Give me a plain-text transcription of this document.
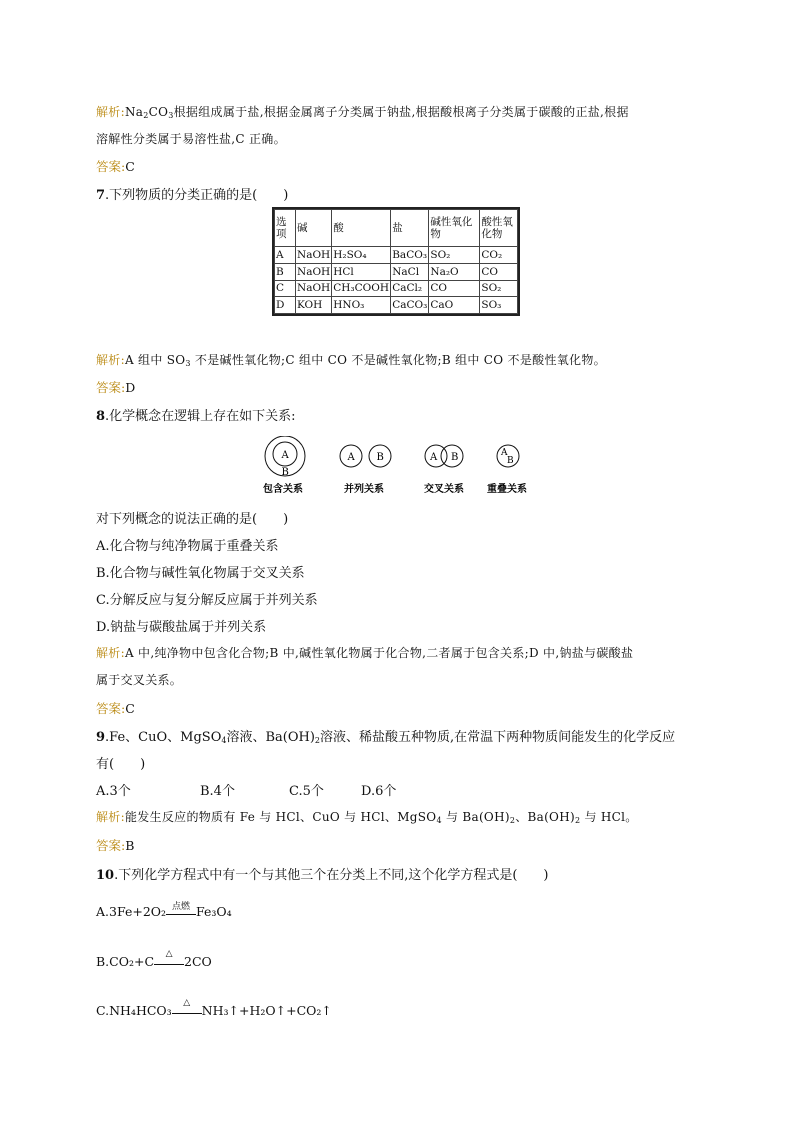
解析$:Na_2CO_3$根据组成属于盐,根据金属离子分类属于钠盐,根据酸根离子分类属于碳酸的正盐,根据
溶解性分类属于易溶性盐,C 正确。
答案:C
7.下列物质的分类正确的是(　　)
选项	碱	酸	盐	碱性氧化物	酸性氧化物
A	NaOH	H₂SO₄	BaCO₃	SO₂	CO₂
B	NaOH	HCl	NaCl	Na₂O	CO
C	NaOH	CH₃COOH	CaCl₂	CO	SO₂
D	KOH	HNO₃	CaCO₃	CaO	SO₃
解析:A 组中 $SO_3$ 不是碱性氧化物;C 组中 CO 不是碱性氧化物;B 组中 CO 不是酸性氧化物。
答案:D
8.化学概念在逻辑上存在如下关系:
A
B
A B	A B	A
B
包含关系	并列关系	交叉关系 重叠关系
对下列概念的说法正确的是(　　)
A.化合物与纯净物属于重叠关系
B.化合物与碱性氧化物属于交叉关系
C.分解反应与复分解反应属于并列关系
D.钠盐与碳酸盐属于并列关系
解析:A 中,纯净物中包含化合物;B 中,碱性氧化物属于化合物,二者属于包含关系;D 中,钠盐与碳酸盐
属于交叉关系。
答案:C
9.Fe、CuO、MgSO$_4$溶液、$Ba(OH)_2$溶液、稀盐酸五种物质,在常温下两种物质间能发生的化学反应
有(　　)
A.3个	B.4个	C.5个	D.6个
解析:能发生反应的物质有 Fe 与 HCl、CuO 与 HCl、MgSO$_4$ 与 $Ba(OH)_2$、$Ba(OH)_2$ 与 HCl。
答案:B
10.下列化学方程式中有一个与其他三个在分类上不同,这个化学方程式是(　　)
A.3Fe+2O₂ 点燃 Fe₃O₄
B.CO₂+C	△ 2CO
C.NH₄HCO₃	△ NH₃↑+H₂O↑+CO₂↑
